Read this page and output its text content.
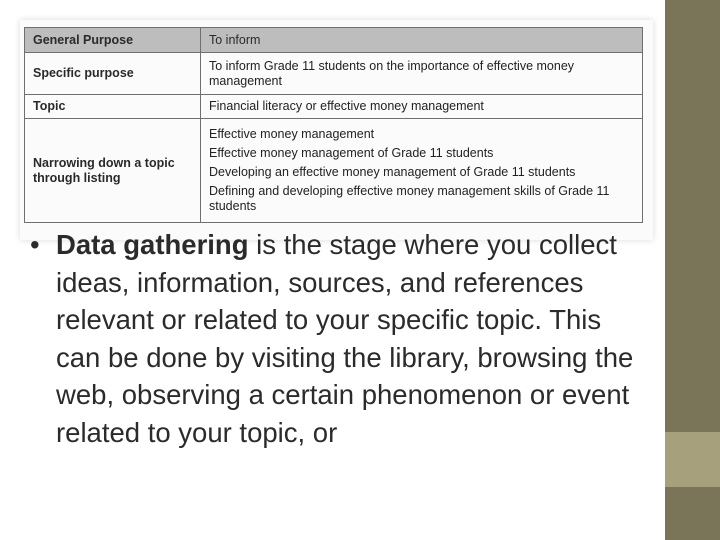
General Purpose	To inform
Specific purpose	To inform Grade 11 students on the importance of effective money management
Topic	Financial literacy or effective money management
Narrowing down a topic through listing	Effective money management
Effective money management of Grade 11 students
Developing an effective money management of Grade 11 students
Defining and developing effective money management skills of Grade 11 students
• Data gathering is the stage where you collect ideas, information, sources, and references relevant or related to your specific topic. This can be done by visiting the library, browsing the web, observing a certain phenomenon or event related to your topic, or
